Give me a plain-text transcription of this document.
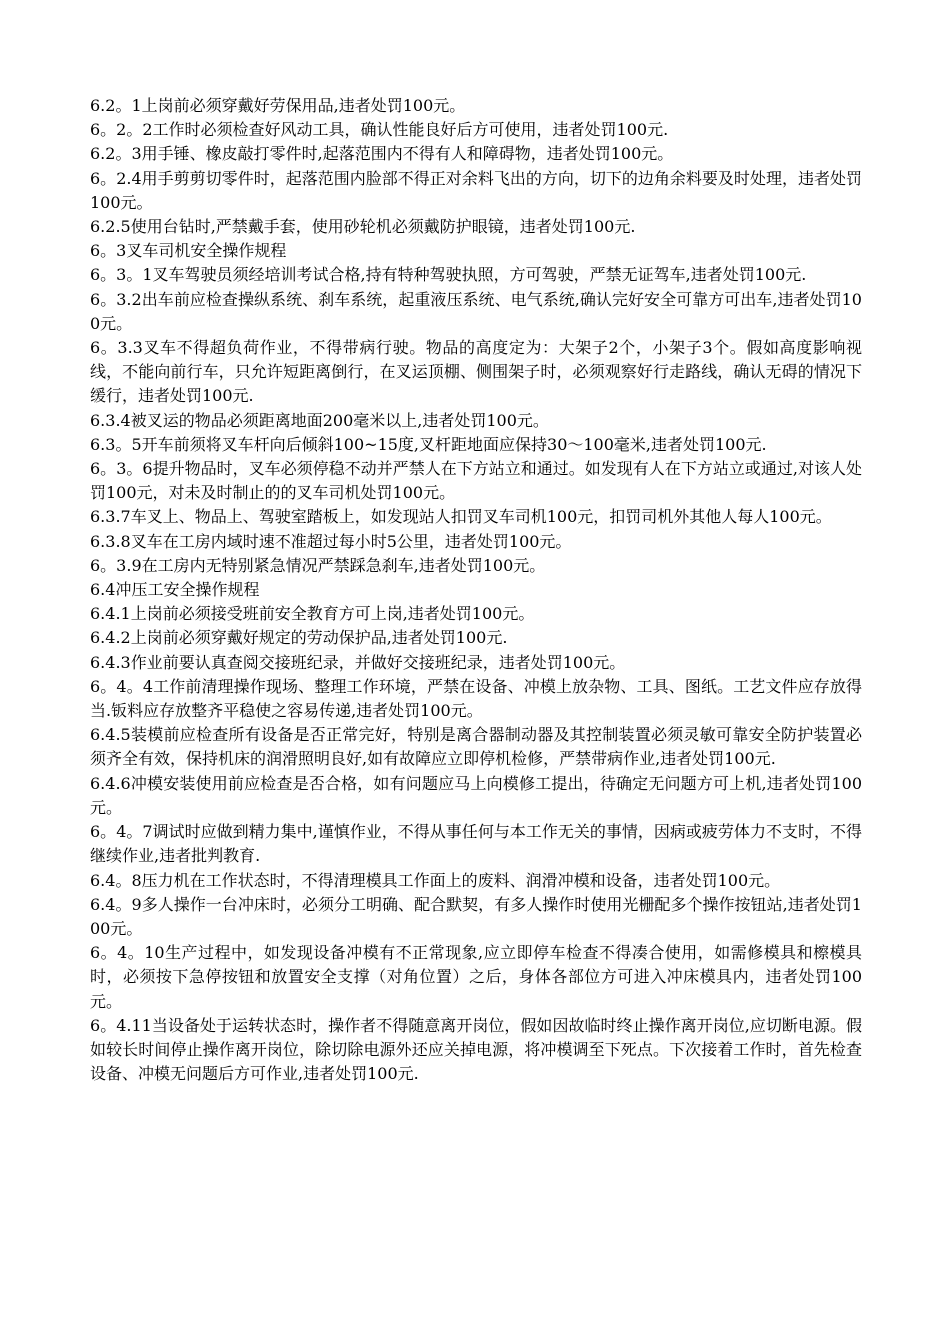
6.2。1上岗前必须穿戴好劳保用品,违者处罚100元。

6。2。2工作时必须检查好风动工具，确认性能良好后方可使用，违者处罚100元.

6.2。3用手锤、橡皮敲打零件时,起落范围内不得有人和障碍物，违者处罚100元。

6。2.4用手剪剪切零件时，起落范围内脸部不得正对余料飞出的方向，切下的边角余料要及时处理，违者处罚100元。

6.2.5使用台钻时,严禁戴手套，使用砂轮机必须戴防护眼镜，违者处罚100元.

6。3叉车司机安全操作规程

6。3。1叉车驾驶员须经培训考试合格,持有特种驾驶执照，方可驾驶，严禁无证驾车,违者处罚100元.

6。3.2出车前应检查操纵系统、刹车系统，起重液压系统、电气系统,确认完好安全可靠方可出车,违者处罚100元。

6。3.3叉车不得超负荷作业，不得带病行驶。物品的高度定为：大架子2个，小架子3个。假如高度影响视线，不能向前行车，只允许短距离倒行，在叉运顶棚、侧围架子时，必须观察好行走路线，确认无碍的情况下缓行，违者处罚100元.

6.3.4被叉运的物品必须距离地面200毫米以上,违者处罚100元。

6.3。5开车前须将叉车杆向后倾斜100~15度,叉杆距地面应保持30～100毫米,违者处罚100元.

6。3。6提升物品时，叉车必须停稳不动并严禁人在下方站立和通过。如发现有人在下方站立或通过,对该人处罚100元，对未及时制止的的叉车司机处罚100元。

6.3.7车叉上、物品上、驾驶室踏板上，如发现站人扣罚叉车司机100元，扣罚司机外其他人每人100元。

6.3.8叉车在工房内域时速不准超过每小时5公里，违者处罚100元。

6。3.9在工房内无特别紧急情况严禁踩急刹车,违者处罚100元。

6.4冲压工安全操作规程

6.4.1上岗前必须接受班前安全教育方可上岗,违者处罚100元。

6.4.2上岗前必须穿戴好规定的劳动保护品,违者处罚100元.

6.4.3作业前要认真查阅交接班纪录，并做好交接班纪录，违者处罚100元。

6。4。4工作前清理操作现场、整理工作环境，严禁在设备、冲模上放杂物、工具、图纸。工艺文件应存放得当.钣料应存放整齐平稳使之容易传递,违者处罚100元。

6.4.5装模前应检查所有设备是否正常完好，特别是离合器制动器及其控制装置必须灵敏可靠安全防护装置必须齐全有效，保持机床的润滑照明良好,如有故障应立即停机检修，严禁带病作业,违者处罚100元.

6.4.6冲模安装使用前应检查是否合格，如有问题应马上向模修工提出，待确定无问题方可上机,违者处罚100元。

6。4。7调试时应做到精力集中,谨慎作业，不得从事任何与本工作无关的事情，因病或疲劳体力不支时，不得继续作业,违者批判教育.

6.4。8压力机在工作状态时，不得清理模具工作面上的废料、润滑冲模和设备，违者处罚100元。

6.4。9多人操作一台冲床时，必须分工明确、配合默契，有多人操作时使用光栅配多个操作按钮站,违者处罚100元。

6。4。10生产过程中，如发现设备冲模有不正常现象,应立即停车检查不得凑合使用，如需修模具和檫模具时，必须按下急停按钮和放置安全支撑（对角位置）之后，身体各部位方可进入冲床模具内，违者处罚100元。

6。4.11当设备处于运转状态时，操作者不得随意离开岗位，假如因故临时终止操作离开岗位,应切断电源。假如较长时间停止操作离开岗位，除切除电源外还应关掉电源，将冲模调至下死点。下次接着工作时，首先检查设备、冲模无问题后方可作业,违者处罚100元.
